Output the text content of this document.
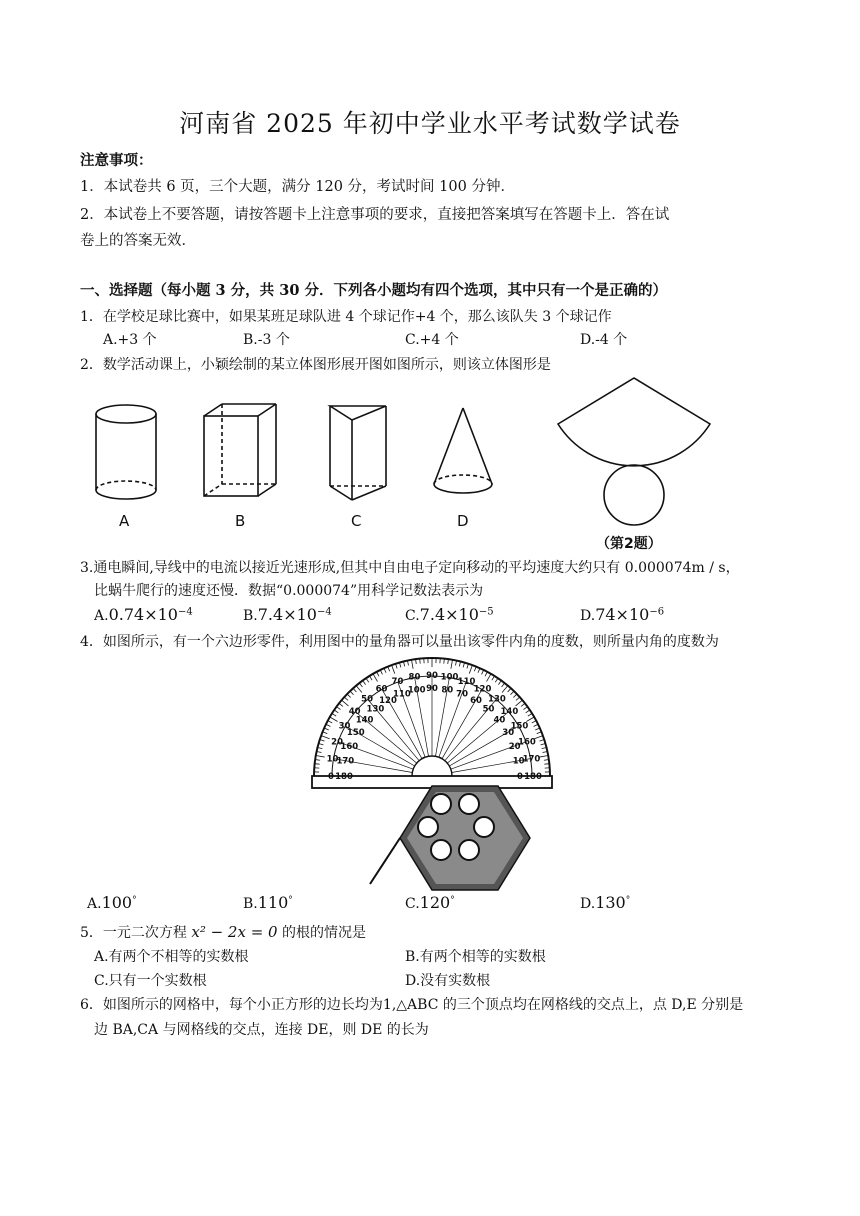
河南省 2025 年初中学业水平考试数学试卷
注意事项：
1．本试卷共 6 页，三个大题，满分 120 分，考试时间 100 分钟．
2．本试卷上不要答题，请按答题卡上注意事项的要求，直接把答案填写在答题卡上．答在试
卷上的答案无效．
一、选择题（每小题 3 分，共 30 分．下列各小题均有四个选项，其中只有一个是正确的）
1．在学校足球比赛中，如果某班足球队进 4 个球记作+4 个，那么该队失 3 个球记作
A.+3 个	B.-3 个	C.+4 个	D.-4 个
2．数学活动课上，小颖绘制的某立体图形展开图如图所示，则该立体图形是
A	B	C	D
（第2题）
3.通电瞬间,导线中的电流以接近光速形成,但其中自由电子定向移动的平均速度大约只有 0.000074m / s，
比蜗牛爬行的速度还慢．数据“0.000074”用科学记数法表示为
$A.0.74\times 10^{-4}$	$B.7.4\times 10^{-4}$	$C.7.4\times 10^{-5}$	$D.74\times 10^{-6}$
4．如图所示，有一个六边形零件，利用图中的量角器可以量出该零件内角的度数，则所量内角的度数为
0
10
20
30
40
50
60
70 80 90 100 110
120
130
140
150
160
170
180
180
170
160
150
140
130
120
110
100 90 80 70
60
50
40
30
20
10
0
A.100°	B.110°	C.120°	D.130°
5．一元二次方程 x² − 2x = 0 的根的情况是
A.有两个不相等的实数根	B.有两个相等的实数根
C.只有一个实数根	D.没有实数根
6．如图所示的网格中，每个小正方形的边长均为1,△ABC 的三个顶点均在网格线的交点上，点 D,E 分别是
边 BA,CA 与网格线的交点，连接 DE，则 DE 的长为
